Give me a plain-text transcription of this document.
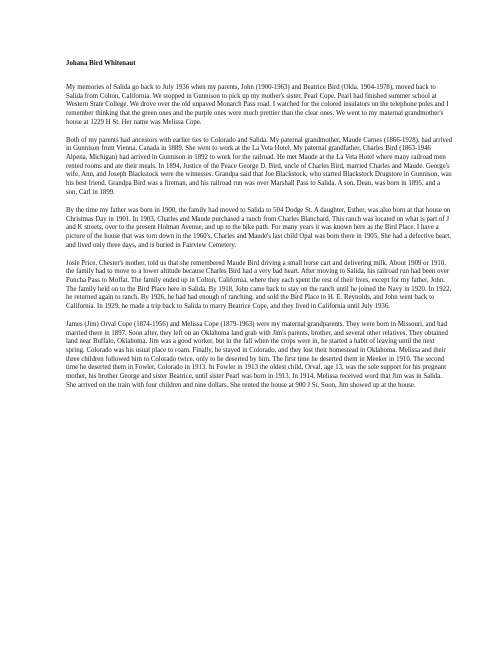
Johana Bird Whitenaut

My memories of Salida go back to July 1936 when my parents, John (1900-1963) and Beatrice Bird (Okla. 1904-1978), moved back to Salida from Colton, California. We stopped in Gunnison to pick up my mother's sister, Pearl Cope. Pearl had finished summer school at Western State College. We drove over the old unpaved Monarch Pass road. I watched for the colored insulators on the telephone poles and I remember thinking that the green ones and the purple ones were much prettier than the clear ones. We went to my maternal grandmother's house at 1229 H St. Her name was Melissa Cope.

Both of my parents had ancestors with earlier ties to Colorado and Salida. My paternal grandmother, Maude Carnes (1866-1928), had arrived in Gunnison from Vienna, Canada in 1889. She went to work at the La Veta Hotel. My paternal grandfather, Charles Bird (1863-1946 Alpena, Michigan) had arrived in Gunnison in 1892 to work for the railroad. He met Maude at the La Veta Hotel where many railroad men rented rooms and ate their meals. In 1894, Justice of the Peace George D. Bird, uncle of Charles Bird, married Charles and Maude. George's wife, Ann, and Joseph Blackstock were the witnesses. Grandpa said that Joe Blackstock, who started Blackstock Drugstore in Gunnison, was his best friend. Grandpa Bird was a fireman, and his railroad run was over Marshall Pass to Salida. A son, Dean, was born in 1895, and a son, Carl in 1899.

By the time my father was born in 1900, the family had moved to Salida to 504 Dodge St. A daughter, Esther, was also born at that house on Christmas Day in 1901. In 1903, Charles and Maude purchased a ranch from Charles Blanchard. This ranch was located on what is part of J and K streets, over to the present Holman Avenue, and up to the bike path. For many years it was known here as the Bird Place. I have a picture of the house that was torn down in the 1960's. Charles and Maude's last child Opal was born there in 1905. She had a defective heart, and lived only three days, and is buried in Fairview Cemetery.

Josie Price, Chester's mother, told us that she remembered Maude Bird driving a small horse cart and delivering milk. About 1909 or 1910, the family had to move to a lower altitude because Charles Bird had a very bad heart. After moving to Salida, his railroad run had been over Poncha Pass to Moffat. The family ended up in Colton, California, where they each spent the rest of their lives, except for my father, John. The family held on to the Bird Place here in Salida. By 1918, John came back to stay on the ranch until he joined the Navy in 1920. In 1922, he returned again to ranch. By 1926, he had had enough of ranching, and sold the Bird Place to H. E. Reynolds, and John went back to California. In 1929, he made a trip back to Salida to marry Beatrice Cope, and they lived in California until July 1936.

James (Jim) Orval Cope (1874-1956) and Melissa Cope (1879-1963) were my maternal grandparents. They were born in Missouri, and had married there in 1897. Soon after, they left on an Oklahoma land grab with Jim's parents, brother, and several other relatives. They obtained land near Buffalo, Oklahoma. Jim was a good worker, but in the fall when the crops were in, he started a habit of leaving until the next spring. Colorado was his usual place to roam. Finally, he stayed in Colorado, and they lost their homestead in Oklahoma. Melissa and their three children followed him to Colorado twice, only to be deserted by him. The first time he deserted them in Meeker in 1910. The second time he deserted them in Fowler, Colorado in 1913. In Fowler in 1913 the oldest child, Orval, age 13, was the sole support for his pregnant mother, his brother George and sister Beatrice, until sister Pearl was born in 1913. In 1914, Melissa received word that Jim was in Salida. She arrived on the train with four children and nine dollars. She rented the house at 900 J St. Soon, Jim showed up at the house.
